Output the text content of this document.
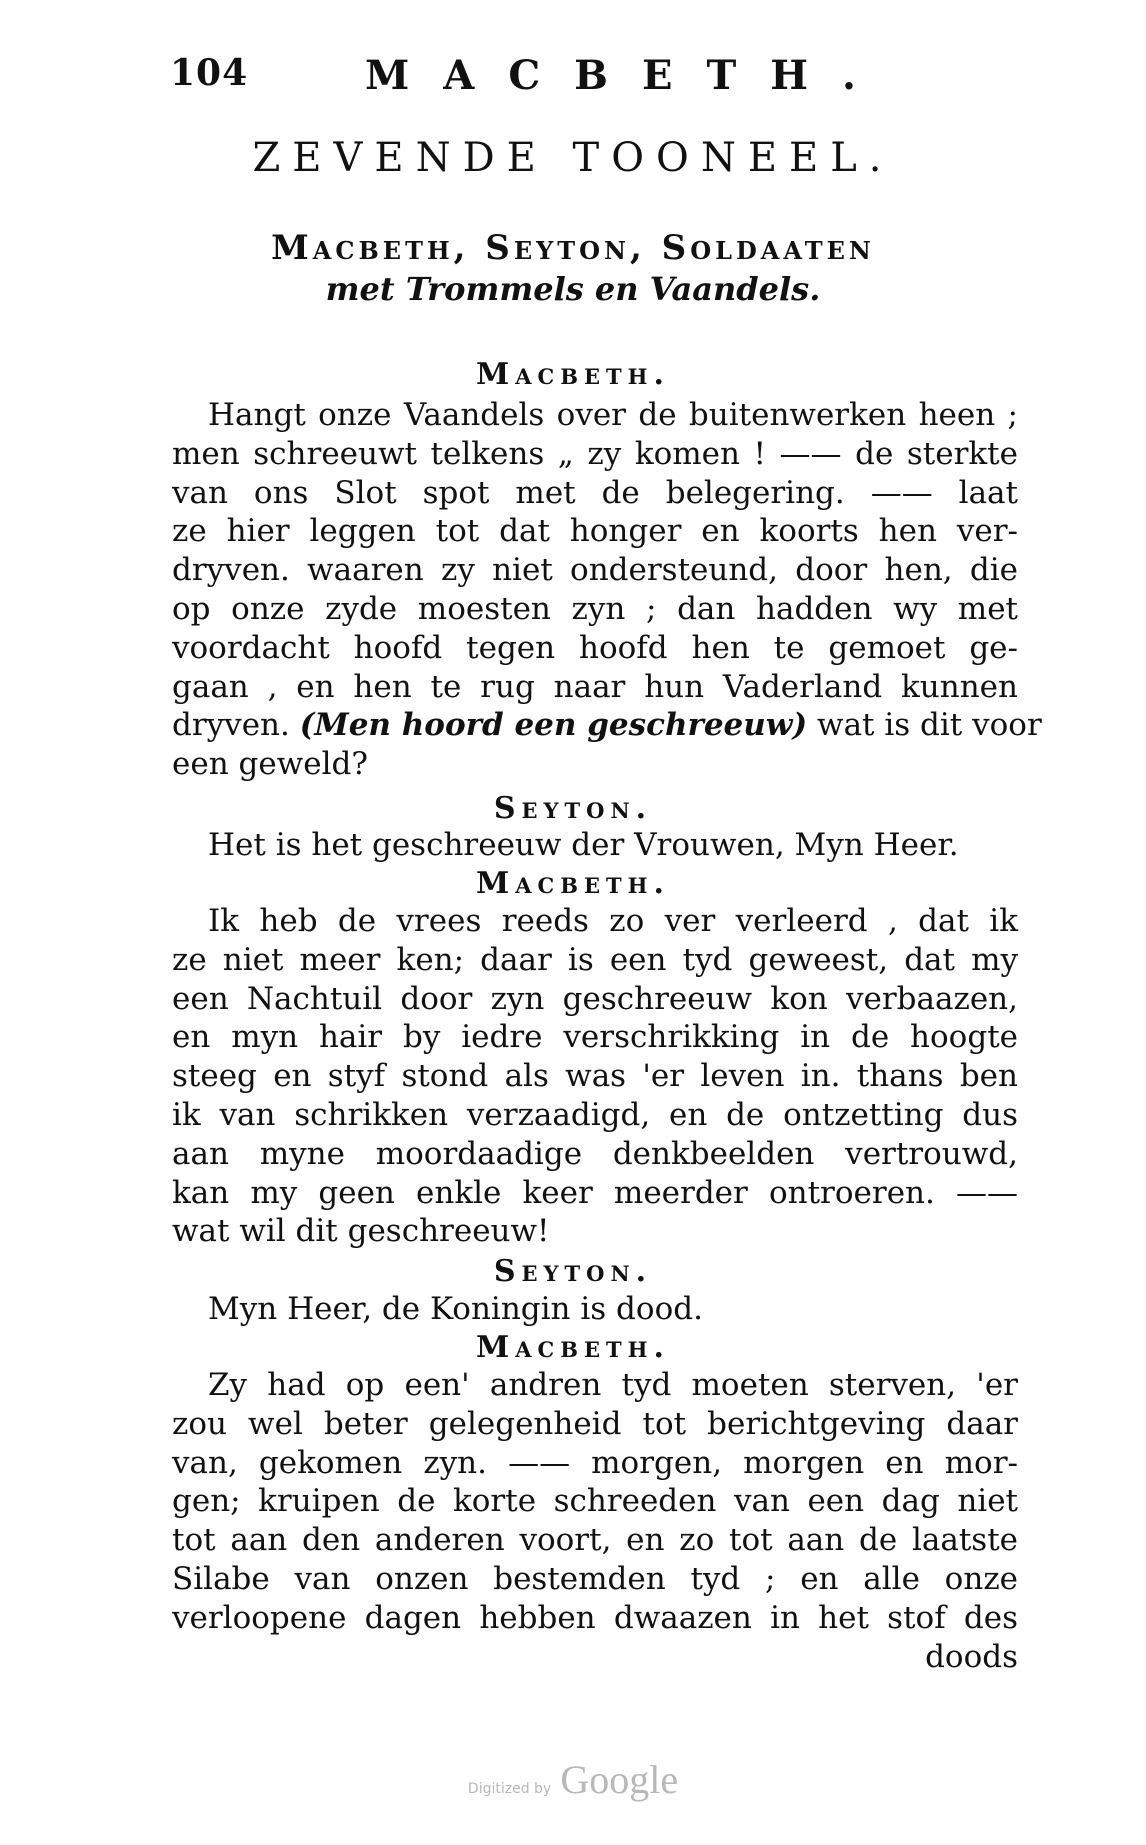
104	MACBETH.
ZEVENDE TOONEEL.
Macbeth, Seyton, Soldaaten
met Trommels en Vaandels.
Macbeth.
Hangt onze Vaandels over de buitenwerken heen ;
men schreeuwt telkens „ zy komen ! —— de sterkte
van ons Slot spot met de belegering. —— laat
ze hier leggen tot dat honger en koorts hen ver-
dryven. waaren zy niet ondersteund, door hen, die
op onze zyde moesten zyn ; dan hadden wy met
voordacht hoofd tegen hoofd hen te gemoet ge-
gaan , en hen te rug naar hun Vaderland kunnen
dryven. (Men hoord een geschreeuw) wat is dit voor
een geweld?
Seyton.
Het is het geschreeuw der Vrouwen, Myn Heer.
Macbeth.
Ik heb de vrees reeds zo ver verleerd , dat ik
ze niet meer ken; daar is een tyd geweest, dat my
een Nachtuil door zyn geschreeuw kon verbaazen,
en myn hair by iedre verschrikking in de hoogte
steeg en styf stond als was 'er leven in. thans ben
ik van schrikken verzaadigd, en de ontzetting dus
aan myne moordaadige denkbeelden vertrouwd,
kan my geen enkle keer meerder ontroeren. ——
wat wil dit geschreeuw!
Seyton.
Myn Heer, de Koningin is dood.
Macbeth.
Zy had op een' andren tyd moeten sterven, 'er
zou wel beter gelegenheid tot berichtgeving daar
van, gekomen zyn. —— morgen, morgen en mor-
gen; kruipen de korte schreeden van een dag niet
tot aan den anderen voort, en zo tot aan de laatste
Silabe van onzen bestemden tyd ; en alle onze
verloopene dagen hebben dwaazen in het stof des
doods
Digitized by Google
